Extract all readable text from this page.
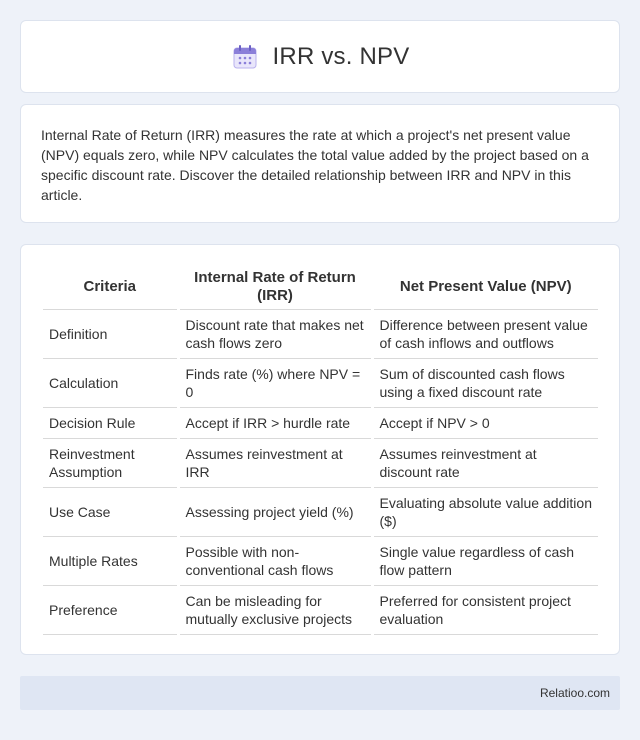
IRR vs. NPV

Internal Rate of Return (IRR) measures the rate at which a project's net present value (NPV) equals zero, while NPV calculates the total value added by the project based on a specific discount rate. Discover the detailed relationship between IRR and NPV in this article.

Criteria	Internal Rate of Return (IRR)	Net Present Value (NPV)
Definition	Discount rate that makes net cash flows zero	Difference between present value of cash inflows and outflows
Calculation	Finds rate (%) where NPV = 0	Sum of discounted cash flows using a fixed discount rate
Decision Rule	Accept if IRR > hurdle rate	Accept if NPV > 0
Reinvestment Assumption	Assumes reinvestment at IRR	Assumes reinvestment at discount rate
Use Case	Assessing project yield (%)	Evaluating absolute value addition ($)
Multiple Rates	Possible with non-conventional cash flows	Single value regardless of cash flow pattern
Preference	Can be misleading for mutually exclusive projects	Preferred for consistent project evaluation
Relatioo.com
